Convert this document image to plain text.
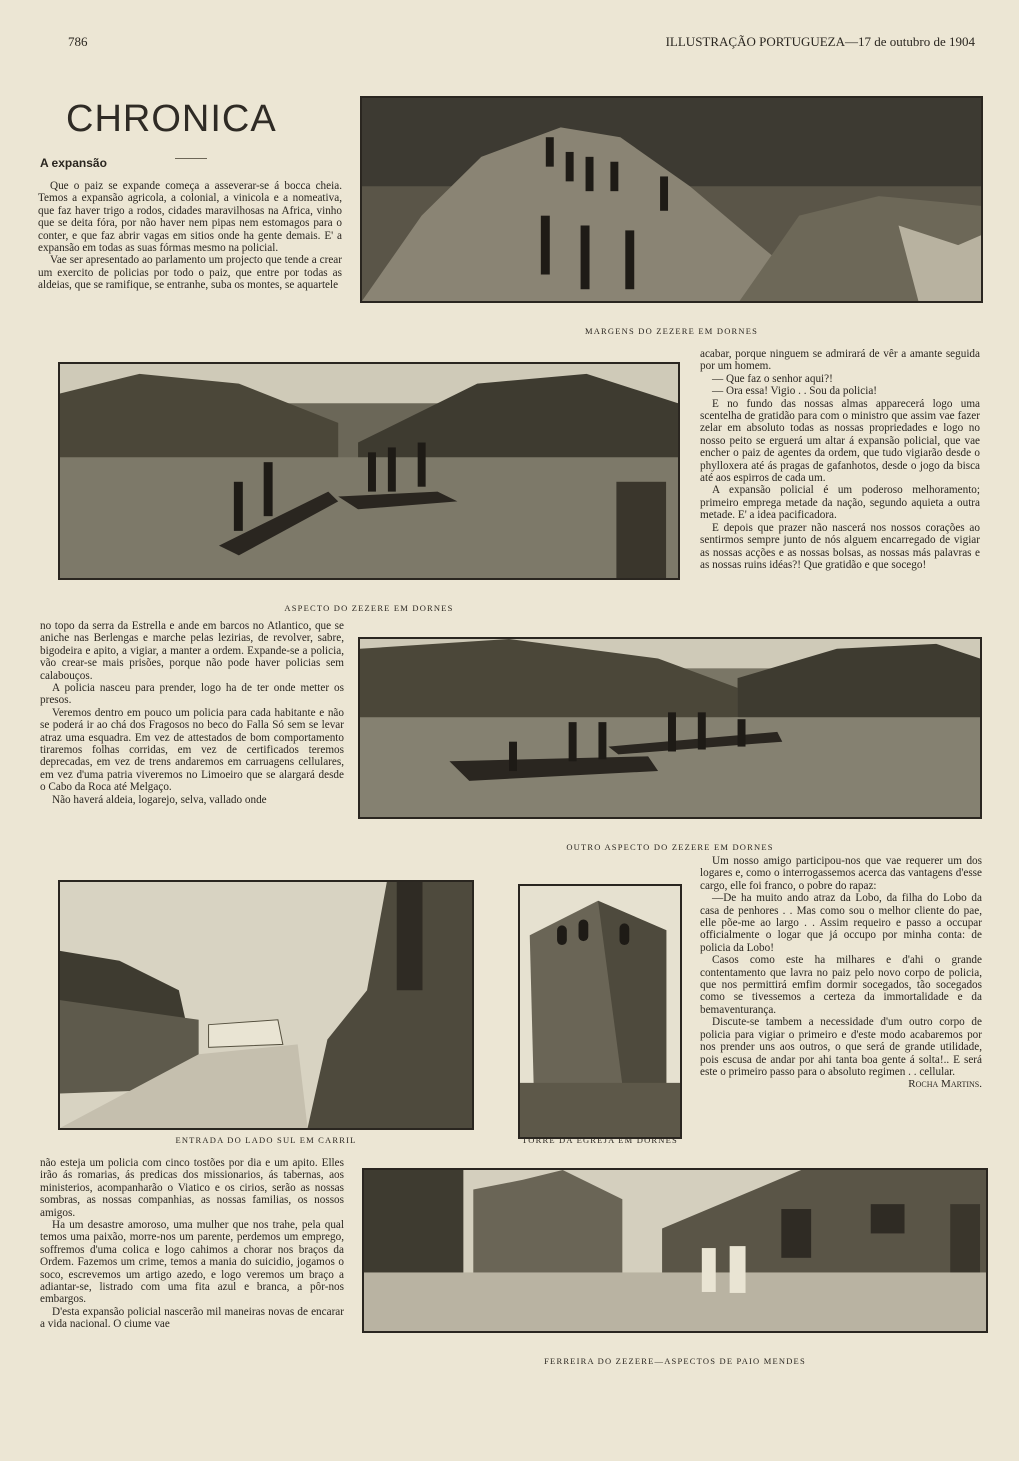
786	ILLUSTRAÇÃO PORTUGUEZA—17 de outubro de 1904
CHRONICA
A expansão

Que o paiz se expande começa a asseverar-se á bocca cheia. Temos a expansão agricola, a colonial, a vinicola e a nomeativa, que faz haver trigo a rodos, cidades maravilhosas na Africa, vinho que se deita fóra, por não haver nem pipas nem estomagos para o conter, e que faz abrir vagas em sitios onde ha gente demais. E' a expansão em todas as suas fórmas mesmo na policial.

Vae ser apresentado ao parlamento um projecto que tende a crear um exercito de policias por todo o paiz, que entre por todas as aldeias, que se ramifique, se entranhe, suba os montes, se aquartele

no topo da serra da Estrella e ande em barcos no Atlantico, que se aniche nas Berlengas e marche pelas lezirias, de revolver, sabre, bigodeira e apito, a vigiar, a manter a ordem. Expande-se a policia, vão crear-se mais prisões, porque não pode haver policias sem calabouços.

A policia nasceu para prender, logo ha de ter onde metter os presos.

Veremos dentro em pouco um policia para cada habitante e não se poderá ir ao chá dos Fragosos no beco do Falla Só sem se levar atraz uma esquadra. Em vez de attestados de bom comportamento tiraremos folhas corridas, em vez de certificados teremos deprecadas, em vez de trens andaremos em carruagens cellulares, em vez d'uma patria viveremos no Limoeiro que se alargará desde o Cabo da Roca até Melgaço.

Não haverá aldeia, logarejo, selva, vallado onde

não esteja um policia com cinco tostões por dia e um apito. Elles irão ás romarias, ás predicas dos missionarios, ás tabernas, aos ministerios, acompanharão o Viatico e os cirios, serão as nossas sombras, as nossas companhias, as nossas familias, os nossos amigos.

Ha um desastre amoroso, uma mulher que nos trahe, pela qual temos uma paixão, morre-nos um parente, perdemos um emprego, soffremos d'uma colica e logo cahimos a chorar nos braços da Ordem. Fazemos um crime, temos a mania do suicidio, jogamos o soco, escrevemos um artigo azedo, e logo veremos um braço a adiantar-se, listrado com uma fita azul e branca, a pôr-nos embargos.

D'esta expansão policial nascerão mil maneiras novas de encarar a vida nacional. O ciume vae

acabar, porque ninguem se admirará de vêr a amante seguida por um homem.

— Que faz o senhor aqui?!

— Ora essa! Vigio . . Sou da policia!

E no fundo das nossas almas apparecerá logo uma scentelha de gratidão para com o ministro que assim vae fazer zelar em absoluto todas as nossas propriedades e logo no nosso peito se erguerá um altar á expansão policial, que vae encher o paiz de agentes da ordem, que tudo vigiarão desde o phylloxera até ás pragas de gafanhotos, desde o jogo da bisca até aos espirros de cada um.

A expansão policial é um poderoso melhoramento; primeiro emprega metade da nação, segundo aquieta a outra metade. E' a idea pacificadora.

E depois que prazer não nascerá nos nossos corações ao sentirmos sempre junto de nós alguem encarregado de vigiar as nossas acções e as nossas bolsas, as nossas más palavras e as nossas ruins idéas?! Que gratidão e que socego!

Um nosso amigo participou-nos que vae requerer um dos logares e, como o interrogassemos acerca das vantagens d'esse cargo, elle foi franco, o pobre do rapaz:

—De ha muito ando atraz da Lobo, da filha do Lobo da casa de penhores . . Mas como sou o melhor cliente do pae, elle põe-me ao largo . . Assim requeiro e passo a occupar officialmente o logar que já occupo por minha conta: de policia da Lobo!

Casos como este ha milhares e d'ahi o grande contentamento que lavra no paiz pelo novo corpo de policia, que nos permittirá emfim dormir socegados, tão socegados como se tivessemos a certeza da immortalidade e da bemaventurança.

Discute-se tambem a necessidade d'um outro corpo de policia para vigiar o primeiro e d'este modo acabaremos por nos prender uns aos outros, o que será de grande utilidade, pois escusa de andar por ahi tanta boa gente á solta!.. E será este o primeiro passo para o absoluto regimen . . cellular.

Rocha Martins.
MARGENS DO ZEZERE EM DORNES
ASPECTO DO ZEZERE EM DORNES
OUTRO ASPECTO DO ZEZERE EM DORNES
ENTRADA DO LADO SUL EM CARRIL	TORRE DA EGREJA EM DORNES
FERREIRA DO ZEZERE—ASPECTOS DE PAIO MENDES
